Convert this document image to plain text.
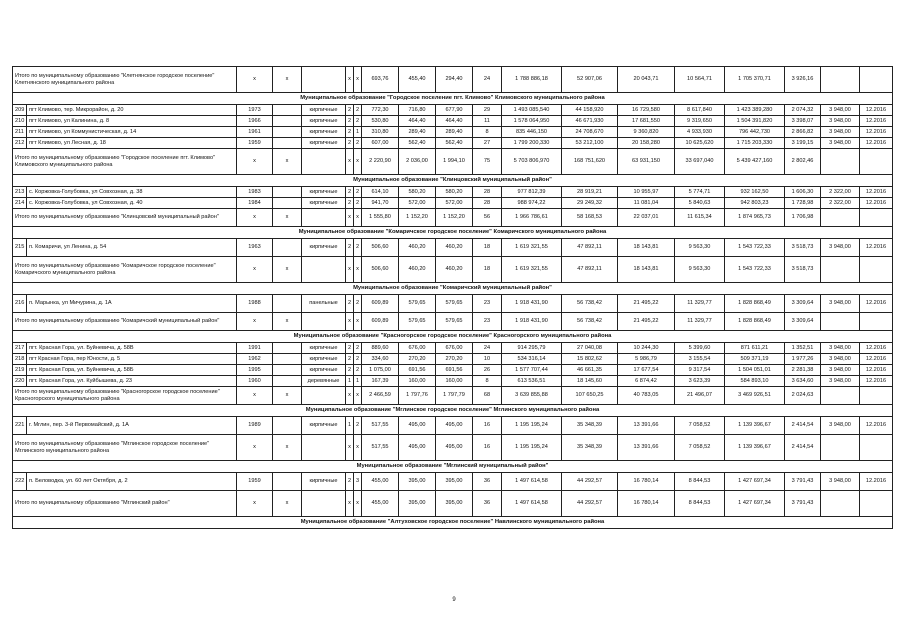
Итого по муниципальному образованию "Клетнянское городское поселение" Клетнянского муниципального района		x	x		x	x	693,76	455,40	294,40	24	1 788 886,18	52 907,06	20 043,71	10 564,71	1 705 370,71	3 926,16		
Муниципальное образование "Городское поселение пгт. Климово" Климовского муниципального района																		
209	пгт Климово, тер. Микрорайон, д. 20	1973		кирпичные	2	2	772,30	716,80	677,90	29	1 493 085,540	44 158,920	16 729,580	8 617,840	1 423 389,280	2 074,32	3 948,00	12.2016
210	пгт Климово, ул Калинина, д. 8	1966		кирпичные	2	2	530,80	464,40	464,40	11	1 578 064,950	46 671,930	17 681,550	9 319,650	1 504 391,820	3 398,07	3 948,00	12.2016
211	пгт Климово, ул Коммунистическая, д. 14	1961		кирпичные	2	1	310,80	289,40	289,40	8	835 446,150	24 708,670	9 360,820	4 933,930	796 442,730	2 866,82	3 948,00	12.2016
212	пгт Климово, ул Лесная, д. 18	1959		кирпичные	2	2	607,00	562,40	562,40	27	1 799 200,330	53 212,100	20 158,280	10 625,620	1 715 203,330	3 199,15	3 948,00	12.2016
Итого по муниципальному образованию "Городское поселение пгт. Климово" Климовского муниципального района		x	x		x	x	2 220,90	2 036,00	1 994,10	75	5 703 806,970	168 751,620	63 931,150	33 697,040	5 439 427,160	2 802,46		
Муниципальное образование "Клинцовский муниципальный район"																		
213	с. Коржовка-Голубовка, ул Совхозная, д. 38	1983		кирпичные	2	2	614,10	580,20	580,20	28	977 812,39	28 919,21	10 955,97	5 774,71	932 162,50	1 606,30	2 322,00	12.2016
214	с. Коржовка-Голубовка, ул Совхозная, д. 40	1984		кирпичные	2	2	941,70	572,00	572,00	28	988 974,22	29 249,32	11 081,04	5 840,63	942 803,23	1 728,98	2 322,00	12.2016
Итого по муниципальному образованию "Клинцовский муниципальный район"		x	x		x	x	1 555,80	1 152,20	1 152,20	56	1 966 786,61	58 168,53	22 037,01	11 615,34	1 874 965,73	1 706,98		
Муниципальное образование "Комаричское городское поселение" Комаричского муниципального района																		
215	п. Комаричи, ул Ленина, д. 54	1963		кирпичные	2	2	506,60	460,20	460,20	18	1 619 321,55	47 892,11	18 143,81	9 563,30	1 543 722,33	3 518,73	3 948,00	12.2016
Итого по муниципальному образованию "Комаричское городское поселение" Комаричского муниципального района		x	x		x	x	506,60	460,20	460,20	18	1 619 321,55	47 892,11	18 143,81	9 563,30	1 543 722,33	3 518,73		
Муниципальное образование "Комаричский муниципальный район"																		
216	п. Марынка, ул Мичурина, д. 1А	1988		панельные	2	2	609,89	579,65	579,65	23	1 918 431,90	56 738,42	21 495,22	11 329,77	1 828 868,49	3 309,64	3 948,00	12.2016
Итого по муниципальному образованию "Комаричский муниципальный район"		x	x		x	x	609,89	579,65	579,65	23	1 918 431,90	56 738,42	21 495,22	11 329,77	1 828 868,49	3 309,64		
Муниципальное образование "Красногорское городское поселение" Красногорского муниципального района																		
217	пгт. Красная Гора, ул. Буйневича, д. 58В	1991		кирпичные	2	2	889,60	676,00	676,00	24	914 295,79	27 040,08	10 244,30	5 399,60	871 611,21	1 352,51	3 948,00	12.2016
218	пгт Красная Гора, пер Юности, д. 5	1962		кирпичные	2	2	334,60	270,20	270,20	10	534 316,14	15 802,62	5 986,79	3 155,54	509 371,19	1 977,26	3 948,00	12.2016
219	пгт. Красная Гора, ул. Буйневича, д. 58Б	1995		кирпичные	2	2	1 075,00	691,56	691,56	26	1 577 707,44	46 661,35	17 677,54	9 317,54	1 504 051,01	2 281,38	3 948,00	12.2016
220	пгт. Красная Гора, ул. Куйбышева, д. 23	1960		деревянные	1	1	167,39	160,00	160,00	8	613 536,51	18 145,60	6 874,42	3 623,39	584 893,10	3 634,60	3 948,00	12.2016
Итого по муниципальному образованию "Красногорское городское поселение" Красногорского муниципального района		x	x		x	x	2 466,59	1 797,76	1 797,79	68	3 639 855,88	107 650,25	40 783,05	21 496,07	3 469 926,51	2 024,63		
Муниципальное образование "Мглинское городское поселение" Мглинского муниципального района																		
221	г. Мглин, пер. 3-й Первомайский, д. 1А	1989		кирпичные	1	2	517,55	495,00	495,00	16	1 195 195,24	35 348,39	13 391,66	7 058,52	1 139 396,67	2 414,54	3 948,00	12.2016
Итого по муниципальному образованию "Мглинское городское поселение" Мглинского муниципального района		x	x		x	x	517,55	495,00	495,00	16	1 195 195,24	35 348,39	13 391,66	7 058,52	1 139 396,67	2 414,54		
Муниципальное образование "Мглинский муниципальный район"																		
222	п. Беловодка, ул. 60 лет Октября, д. 2	1959		кирпичные	2	3	455,00	395,00	395,00	36	1 497 614,58	44 292,57	16 780,14	8 844,53	1 427 697,34	3 791,43	3 948,00	12.2016
Итого по муниципальному образованию "Мглинский район"		x	x		x	x	455,00	395,00	395,00	36	1 497 614,58	44 292,57	16 780,14	8 844,53	1 427 697,34	3 791,43		
Муниципальное образование "Алтуховское городское поселение" Навлинского муниципального района																		
9
